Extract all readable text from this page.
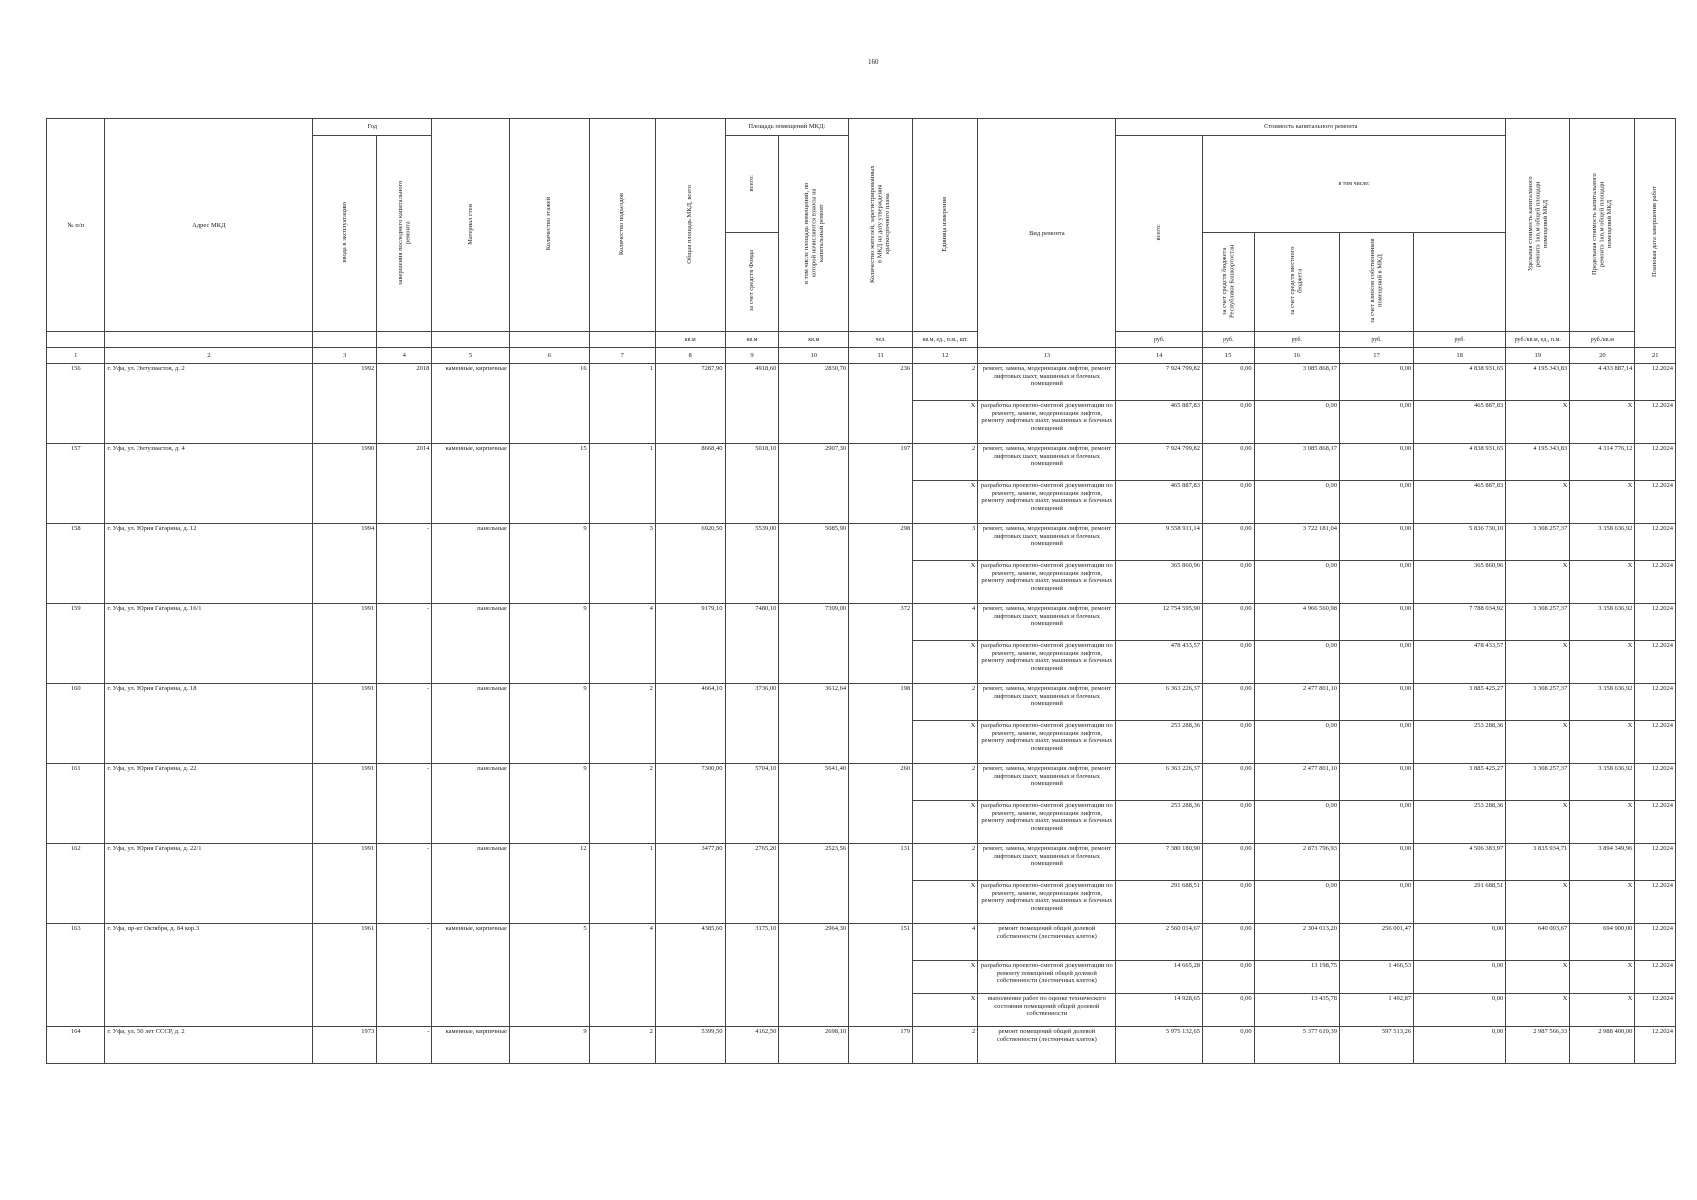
160
№ п/п	Адрес МКД	Год		Материал стен	Количество этажей	Количество подъездов	Общая площадь МКД, всего	Площадь помещений МКД:		Количество жителей, зарегистрированных в МКД на дату утверждения краткосрочного плана	Единица измерения	Вид ремонта	Стоимость капитального ремонта					Удельная стоимость капитального ремонта 1кв.м общей площади помещений МКД	Предельная стоимость капитального ремонта 1кв.м общей площади помещений МКД	Плановая дата завершения работ
		ввода в эксплуатацию	завершения последнего капитального ремонта					всего:	в том числе площадь помещений, по которой начисляются взносы на капитальный ремонт				всего:	в том числе:						
								за счет средств Фонда						за счет средств бюджета Республики Башкортостан	за счет средств местного бюджета	за счет взносов собственников помещений в МКД				
							кв.м	кв.м	кв.м	чел.	кв.м, ед., п.м., шт.		руб.	руб.	руб.	руб.	руб.	руб./кв.м, ед., п.м.	руб./кв.м	
1	2	3	4	5	6	7	8	9	10	11	12	13	14	15	16	17	18	19	20	21
156	г. Уфа, ул. Энтузиастов, д. 2	1992	2018	каменные, кирпичные	16	1	7287,90	4918,60	2830,70	236	2	ремонт, замена, модернизация лифтов, ремонт лифтовых шахт, машинных и блочных помещений	7 924 799,82	0,00	3 085 868,17	0,00	4 838 931,65	4 195 343,83	4 433 887,14	12.2024
											X	разработка проектно-сметной документации по ремонту, замене, модернизации лифтов, ремонту лифтовых шахт, машинных и блочных помещений	465 887,83	0,00	0,00	0,00	465 887,83	X	X	12.2024
157	г. Уфа, ул. Энтузиастов, д. 4	1990	2014	каменные, кирпичные	15	1	8668,40	5018,10	2907,30	197	2	ремонт, замена, модернизация лифтов, ремонт лифтовых шахт, машинных и блочных помещений	7 924 799,82	0,00	3 085 868,17	0,00	4 838 931,65	4 195 343,83	4 314 776,12	12.2024
											X	разработка проектно-сметной документации по ремонту, замене, модернизации лифтов, ремонту лифтовых шахт, машинных и блочных помещений	465 887,83	0,00	0,00	0,00	465 887,83	X	X	12.2024
158	г. Уфа, ул. Юрия Гагарина, д. 12	1994	-	панельные	9	3	6920,50	5539,00	5085,90	298	3	ремонт, замена, модернизация лифтов, ремонт лифтовых шахт, машинных и блочных помещений	9 558 911,14	0,00	3 722 181,04	0,00	5 836 730,10	3 308 257,37	3 358 636,92	12.2024
											X	разработка проектно-сметной документации по ремонту, замене, модернизации лифтов, ремонту лифтовых шахт, машинных и блочных помещений	365 860,96	0,00	0,00	0,00	365 860,96	X	X	12.2024
159	г. Уфа, ул. Юрия Гагарина, д. 16/1	1991	-	панельные	9	4	9179,10	7480,10	7399,00	372	4	ремонт, замена, модернизация лифтов, ремонт лифтовых шахт, машинных и блочных помещений	12 754 595,90	0,00	4 966 560,98	0,00	7 788 034,92	3 308 257,37	3 358 636,92	12.2024
											X	разработка проектно-сметной документации по ремонту, замене, модернизации лифтов, ремонту лифтовых шахт, машинных и блочных помещений	478 433,57	0,00	0,00	0,00	478 433,57	X	X	12.2024
160	г. Уфа, ул. Юрия Гагарина, д. 18	1991	-	панельные	9	2	4664,10	3736,00	3612,64	198	2	ремонт, замена, модернизация лифтов, ремонт лифтовых шахт, машинных и блочных помещений	6 363 226,37	0,00	2 477 801,10	0,00	3 885 425,27	3 308 257,37	3 358 636,92	12.2024
											X	разработка проектно-сметной документации по ремонту, замене, модернизации лифтов, ремонту лифтовых шахт, машинных и блочных помещений	253 288,36	0,00	0,00	0,00	253 288,36	X	X	12.2024
161	г. Уфа, ул. Юрия Гагарина, д. 22	1991	-	панельные	9	2	7300,00	5704,10	5641,40	260	2	ремонт, замена, модернизация лифтов, ремонт лифтовых шахт, машинных и блочных помещений	6 363 226,37	0,00	2 477 801,10	0,00	3 885 425,27	3 308 257,37	3 358 636,92	12.2024
											X	разработка проектно-сметной документации по ремонту, замене, модернизации лифтов, ремонту лифтовых шахт, машинных и блочных помещений	253 288,36	0,00	0,00	0,00	253 288,36	X	X	12.2024
162	г. Уфа, ул. Юрия Гагарина, д. 22/1	1991	-	панельные	12	1	3477,80	2765,20	2523,56	131	2	ремонт, замена, модернизация лифтов, ремонт лифтовых шахт, машинных и блочных помещений	7 380 180,90	0,00	2 873 796,93	0,00	4 506 383,97	3 835 934,71	3 894 349,96	12.2024
											X	разработка проектно-сметной документации по ремонту, замене, модернизации лифтов, ремонту лифтовых шахт, машинных и блочных помещений	291 688,51	0,00	0,00	0,00	291 688,51	X	X	12.2024
163	г. Уфа, пр-кт Октября, д. 84 кор.3	1961	-	каменные, кирпичные	5	4	4385,60	3175,10	2964,30	151	4	ремонт помещений общей долевой собственности (лестничных клеток)	2 560 014,67	0,00	2 304 013,20	256 001,47	0,00	640 003,67	694 900,00	12.2024
											X	разработка проектно-сметной документации по ремонту помещений общей долевой собственности (лестничных клеток)	14 665,28	0,00	13 198,75	1 466,53	0,00	X	X	12.2024
											X	выполнение работ по оценке технического состояния помещений общей долевой собственности	14 928,65	0,00	13 435,78	1 492,87	0,00	X	X	12.2024
164	г. Уфа, ул. 50 лет СССР, д. 2	1973	-	каменные, кирпичные	9	2	5399,50	4162,50	2698,10	179	2	ремонт помещений общей долевой собственности (лестничных клеток)	5 975 132,65	0,00	5 377 619,39	597 513,26	0,00	2 987 566,33	2 988 400,00	12.2024
